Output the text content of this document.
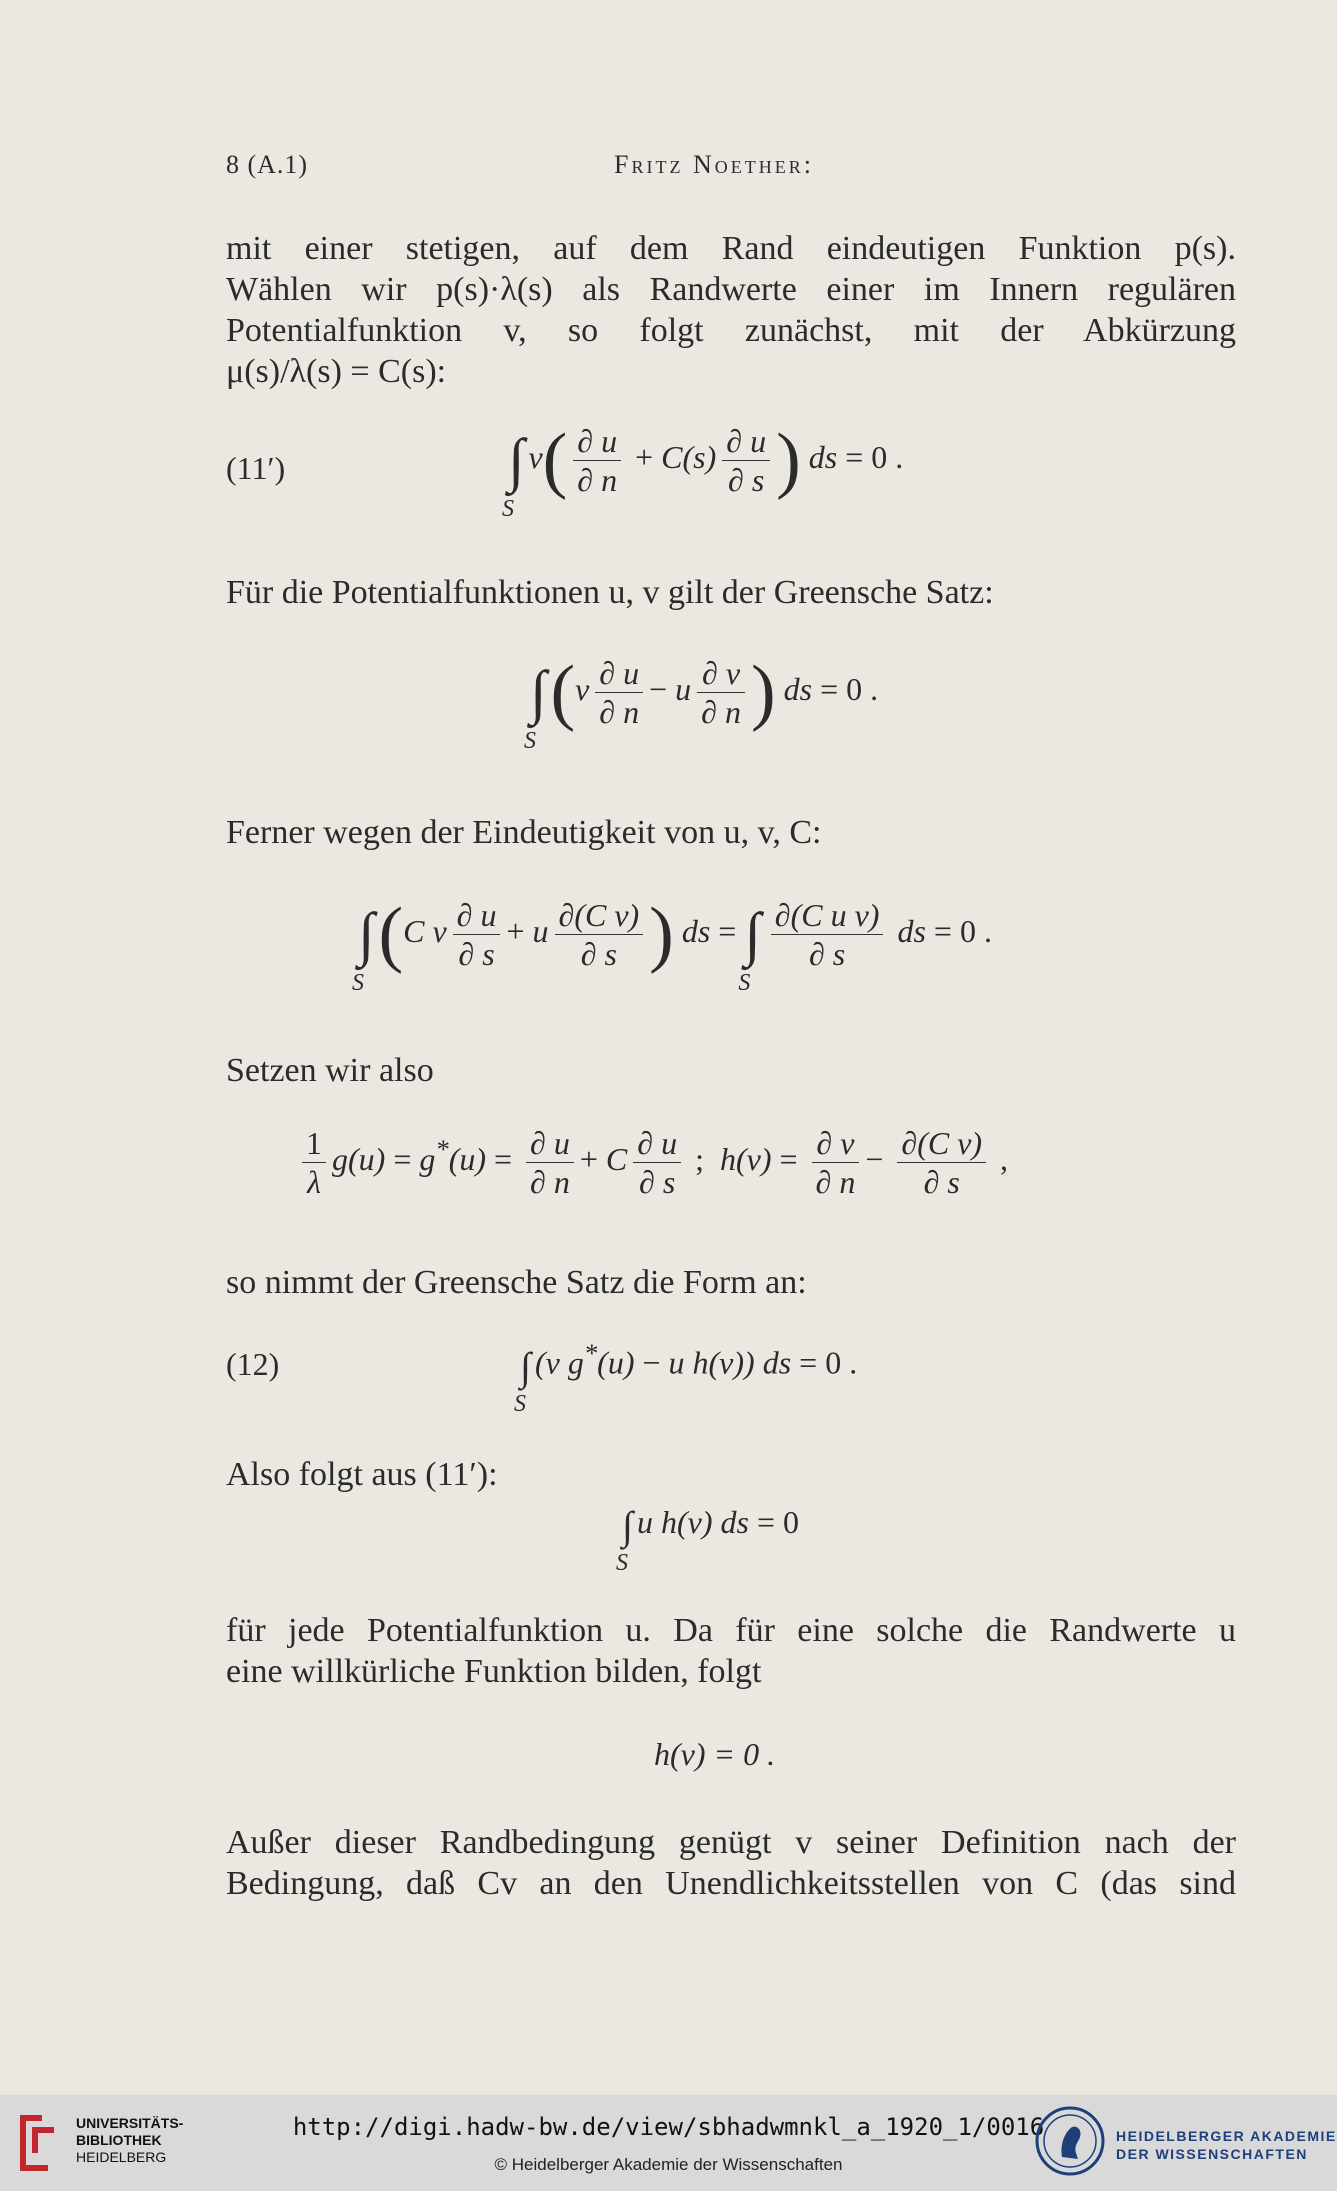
8 (A.1)	Fritz Noether:
mit einer stetigen, auf dem Rand eindeutigen Funktion p(s).
Wählen wir p(s)·λ(s) als Randwerte einer im Innern regulären
Potentialfunktion v, so folgt zunächst, mit der Abkürzung
μ(s)/λ(s) = C(s):
(11′)	∫
S
$v( \frac{\partial u}{\partial n} + C(s) \frac{\partial u}{\partial s}$ ) ds = 0 .
Für die Potentialfunktionen u, v gilt der Greensche Satz:
∫
S
($v \frac{\partial u}{\partial n} - u \frac{\partial v}{\partial n}$ ) ds = 0 .
Ferner wegen der Eindeutigkeit von u, v, C:
∫
S
(C v $\frac{\partial u}{\partial s} + u \frac{\text{∂(C v)}}{\partial s}$ ) ds = ∫
S
$\frac{\text{∂(C u v)}}{\partial s}$ ds = 0 .
Setzen wir also
$\frac{1}{\lambda} g(u) = g^*(u) = \frac{\partial u}{\partial n} + C \frac{\partial u}{\partial s}$ ;  $h(v) = \frac{\partial v}{\partial n} - \frac{\text{∂(C v)}}{\partial s}$ ,
so nimmt der Greensche Satz die Form an:
(12)	∫
S
(v g*(u) − u h(v)) ds = 0 .
Also folgt aus (11′):
∫
S
u h(v) ds = 0
für jede Potentialfunktion u. Da für eine solche die Randwerte u
eine willkürliche Funktion bilden, folgt
h(v) = 0 .
Außer dieser Randbedingung genügt v seiner Definition nach der
Bedingung, daß Cv an den Unendlichkeitsstellen von C (das sind
UNIVERSITÄTS-
BIBLIOTHEK
HEIDELBERG
http://digi.hadw-bw.de/view/sbhadwmnkl_a_1920_1/0016
© Heidelberger Akademie der Wissenschaften
HEIDELBERGER AKADEMIE
DER WISSENSCHAFTEN
